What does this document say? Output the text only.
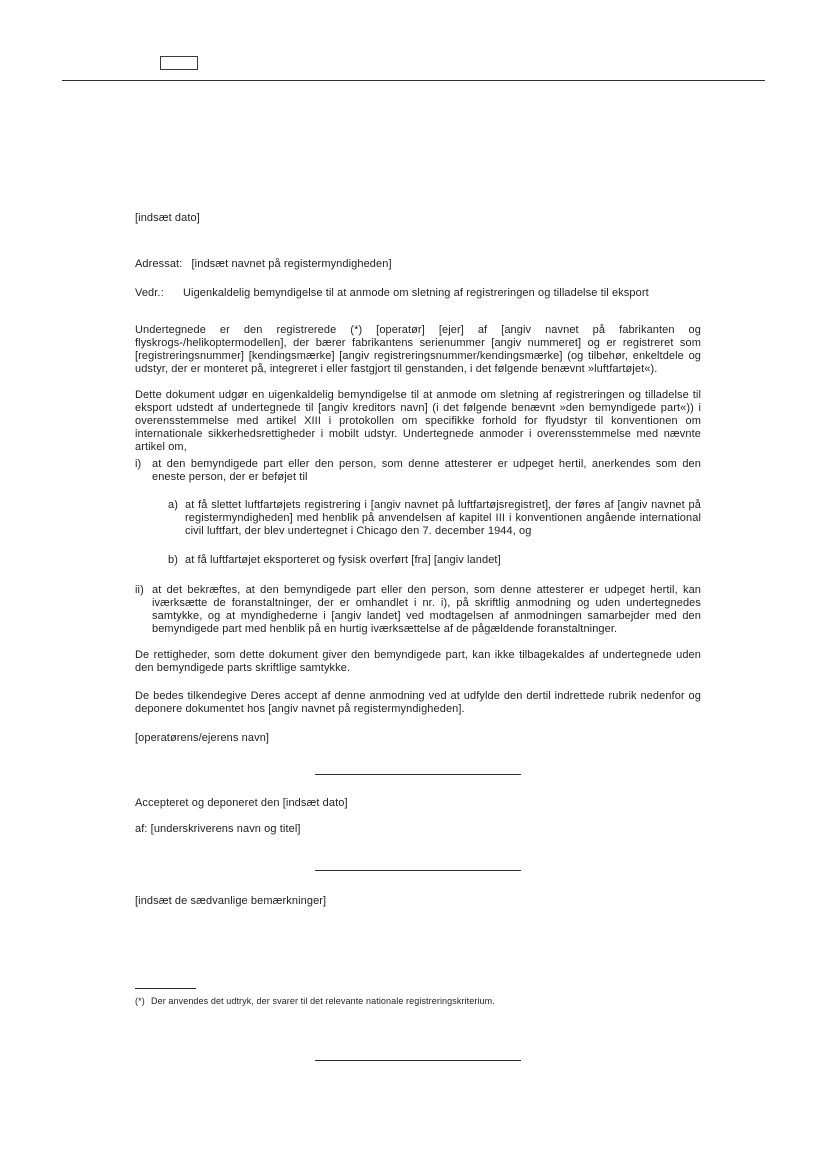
[indsæt dato]
Adressat: [indsæt navnet på registermyndigheden]
Vedr.:	Uigenkaldelig bemyndigelse til at anmode om sletning af registreringen og tilladelse til eksport

Undertegnede er den registrerede (*) [operatør] [ejer] af [angiv navnet på fabrikanten og flyskrogs-/helikoptermodellen], der bærer fabrikantens serienummer [angiv nummeret] og er registreret som [registreringsnummer] [kendingsmærke] [angiv registreringsnummer/kendingsmærke] (og tilbehør, enkeltdele og udstyr, der er monteret på, integreret i eller fastgjort til genstanden, i det følgende benævnt »luftfartøjet«).

Dette dokument udgør en uigenkaldelig bemyndigelse til at anmode om sletning af registreringen og tilladelse til eksport udstedt af undertegnede til [angiv kreditors navn] (i det følgende benævnt »den bemyndigede part«)) i overensstemmelse med artikel XIII i protokollen om specifikke forhold for flyudstyr til konventionen om internationale sikkerhedsrettigheder i mobilt udstyr. Undertegnede anmoder i overensstemmelse med nævnte artikel om,

i) at den bemyndigede part eller den person, som denne attesterer er udpeget hertil, anerkendes som den eneste person, der er beføjet til
a) at få slettet luftfartøjets registrering i [angiv navnet på luftfartøjsregistret], der føres af [angiv navnet på registermyndigheden] med henblik på anvendelsen af kapitel III i konventionen angående international civil luftfart, der blev undertegnet i Chicago den 7. december 1944, og
b) at få luftfartøjet eksporteret og fysisk overført [fra] [angiv landet]
ii) at det bekræftes, at den bemyndigede part eller den person, som denne attesterer er udpeget hertil, kan iværksætte de foranstaltninger, der er omhandlet i nr. i), på skriftlig anmodning og uden undertegnedes samtykke, og at myndighederne i [angiv landet] ved modtagelsen af anmodningen samarbejder med den bemyndigede part med henblik på en hurtig iværksættelse af de pågældende foranstaltninger.

De rettigheder, som dette dokument giver den bemyndigede part, kan ikke tilbagekaldes af undertegnede uden den bemyndigede parts skriftlige samtykke.

De bedes tilkendegive Deres accept af denne anmodning ved at udfylde den dertil indrettede rubrik nedenfor og deponere dokumentet hos [angiv navnet på registermyndigheden].

[operatørens/ejerens navn]
Accepteret og deponeret den [indsæt dato]
af: [underskriverens navn og titel]
[indsæt de sædvanlige bemærkninger]
(*) Der anvendes det udtryk, der svarer til det relevante nationale registreringskriterium.
